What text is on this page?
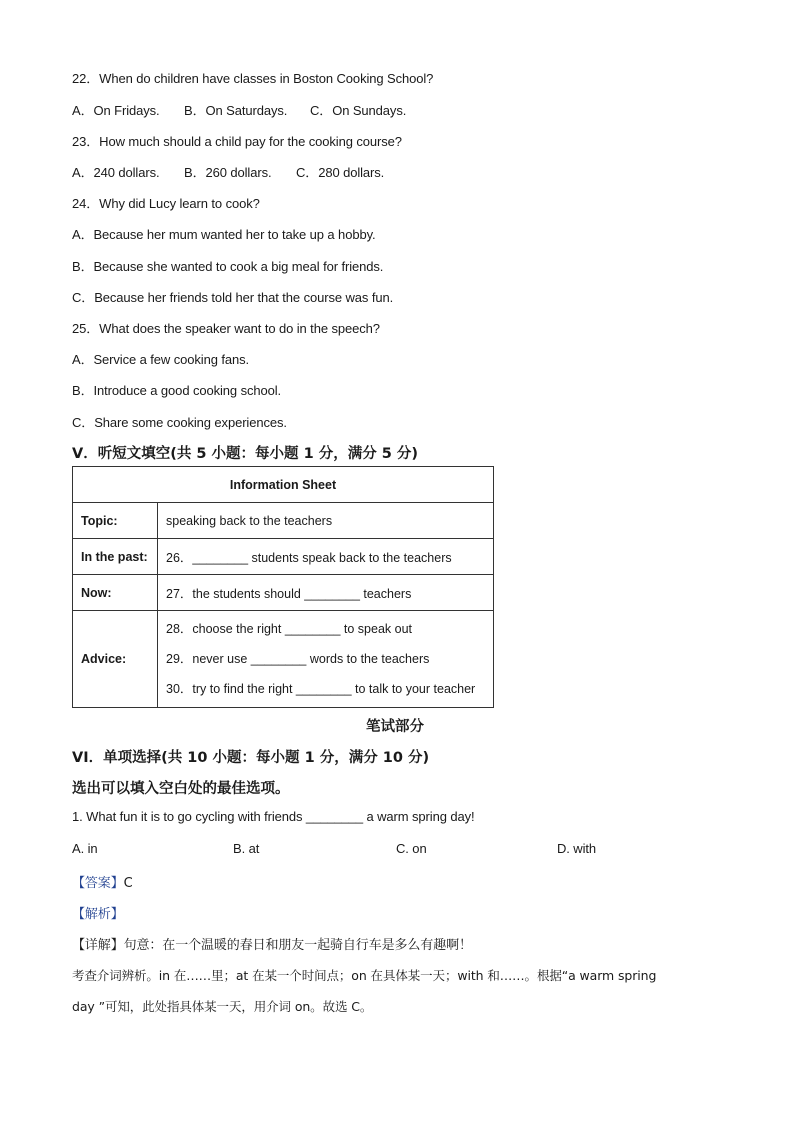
22．When do children have classes in Boston Cooking School?
A．On Fridays. B．On Saturdays. C．On Sundays.
23．How much should a child pay for the cooking course?
A．240 dollars. B．260 dollars. C．280 dollars.
24．Why did Lucy learn to cook?
A．Because her mum wanted her to take up a hobby.
B．Because she wanted to cook a big meal for friends.
C．Because her friends told her that the course was fun.
25．What does the speaker want to do in the speech?
A．Service a few cooking fans.
B．Introduce a good cooking school.
C．Share some cooking experiences.
V．听短文填空(共 5 小题：每小题 1 分，满分 5 分)
Information Sheet	
Topic:	speaking back to the teachers
In the past:	26．________ students speak back to the teachers
Now:	27．the students should ________ teachers
Advice:	28．choose the right ________ to speak out
29．never use ________ words to the teachers
30．try to find the right ________ to talk to your teacher
笔试部分
VI．单项选择(共 10 小题：每小题 1 分，满分 10 分)
选出可以填入空白处的最佳选项。
1. What fun it is to go cycling with friends ________ a warm spring day!
A. in	B. at	C. on	D. with
【答案】C
【解析】
【详解】句意：在一个温暖的春日和朋友一起骑自行车是多么有趣啊！
考查介词辨析。in 在……里；at 在某一个时间点；on 在具体某一天；with 和……。根据“a warm spring
day ”可知，此处指具体某一天，用介词 on。故选 C。
